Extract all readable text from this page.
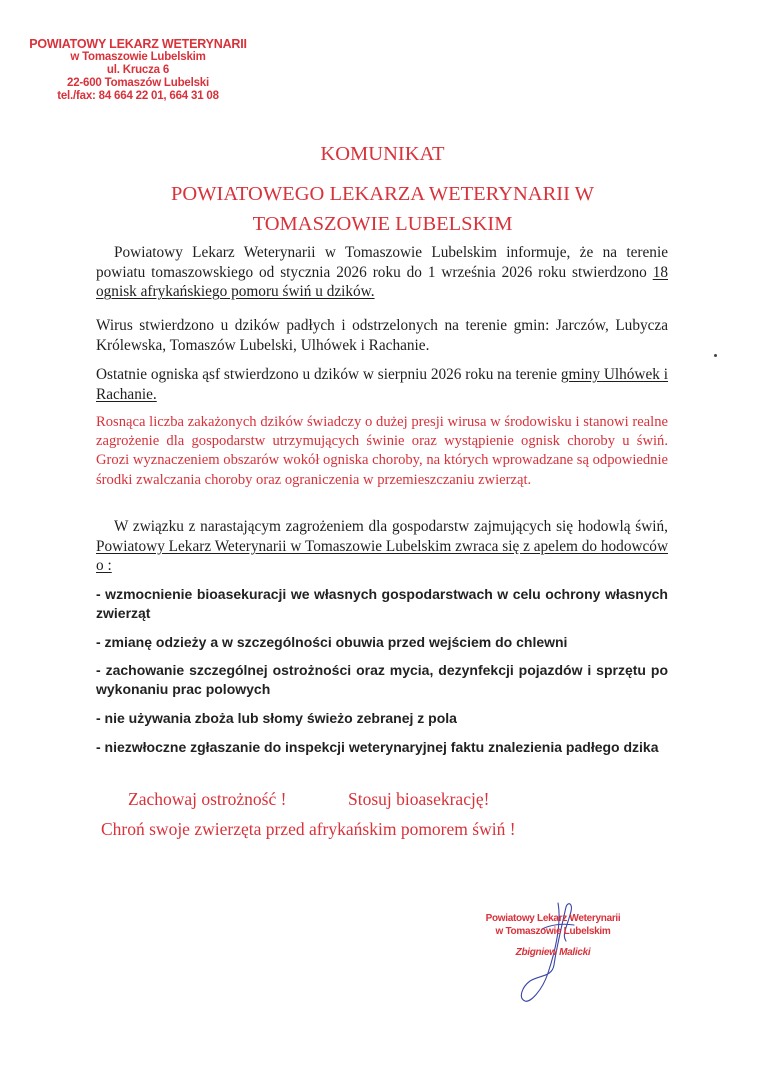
POWIATOWY LEKARZ WETERYNARII
w Tomaszowie Lubelskim
ul. Krucza 6
22-600 Tomaszów Lubelski
tel./fax: 84 664 22 01, 664 31 08
KOMUNIKAT
POWIATOWEGO LEKARZA WETERYNARII W
TOMASZOWIE LUBELSKIM
Powiatowy Lekarz Weterynarii w Tomaszowie Lubelskim informuje, że na terenie powiatu tomaszowskiego od stycznia 2026 roku do 1 września 2026 roku stwierdzono 18 ognisk afrykańskiego pomoru świń u dzików.
Wirus stwierdzono u dzików padłych i odstrzelonych na terenie gmin: Jarczów, Lubycza Królewska, Tomaszów Lubelski, Ulhówek i Rachanie.
Ostatnie ogniska ąsf stwierdzono u dzików w sierpniu 2026 roku na terenie gminy Ulhówek i Rachanie.
Rosnąca liczba zakażonych dzików świadczy o dużej presji wirusa w środowisku i stanowi realne zagrożenie dla gospodarstw utrzymujących świnie oraz wystąpienie ognisk choroby u świń. Grozi wyznaczeniem obszarów wokół ogniska choroby, na których wprowadzane są odpowiednie środki zwalczania choroby oraz ograniczenia w przemieszczaniu zwierząt.
W związku z narastającym zagrożeniem dla gospodarstw zajmujących się hodowlą świń, Powiatowy Lekarz Weterynarii w Tomaszowie Lubelskim zwraca się z apelem do hodowców o :
- wzmocnienie bioasekuracji we własnych gospodarstwach w celu ochrony własnych zwierząt
- zmianę odzieży a w szczególności obuwia przed wejściem do chlewni
- zachowanie szczególnej ostrożności oraz mycia, dezynfekcji pojazdów i sprzętu po wykonaniu prac polowych
- nie używania zboża lub słomy świeżo zebranej z pola
- niezwłoczne zgłaszanie do inspekcji weterynaryjnej faktu znalezienia padłego dzika
Zachowaj ostrożność !	Stosuj bioasekrację!
Chroń swoje zwierzęta przed afrykańskim pomorem świń !
Powiatowy Lekarz Weterynarii
w Tomaszowie Lubelskim
Zbigniew Malicki
